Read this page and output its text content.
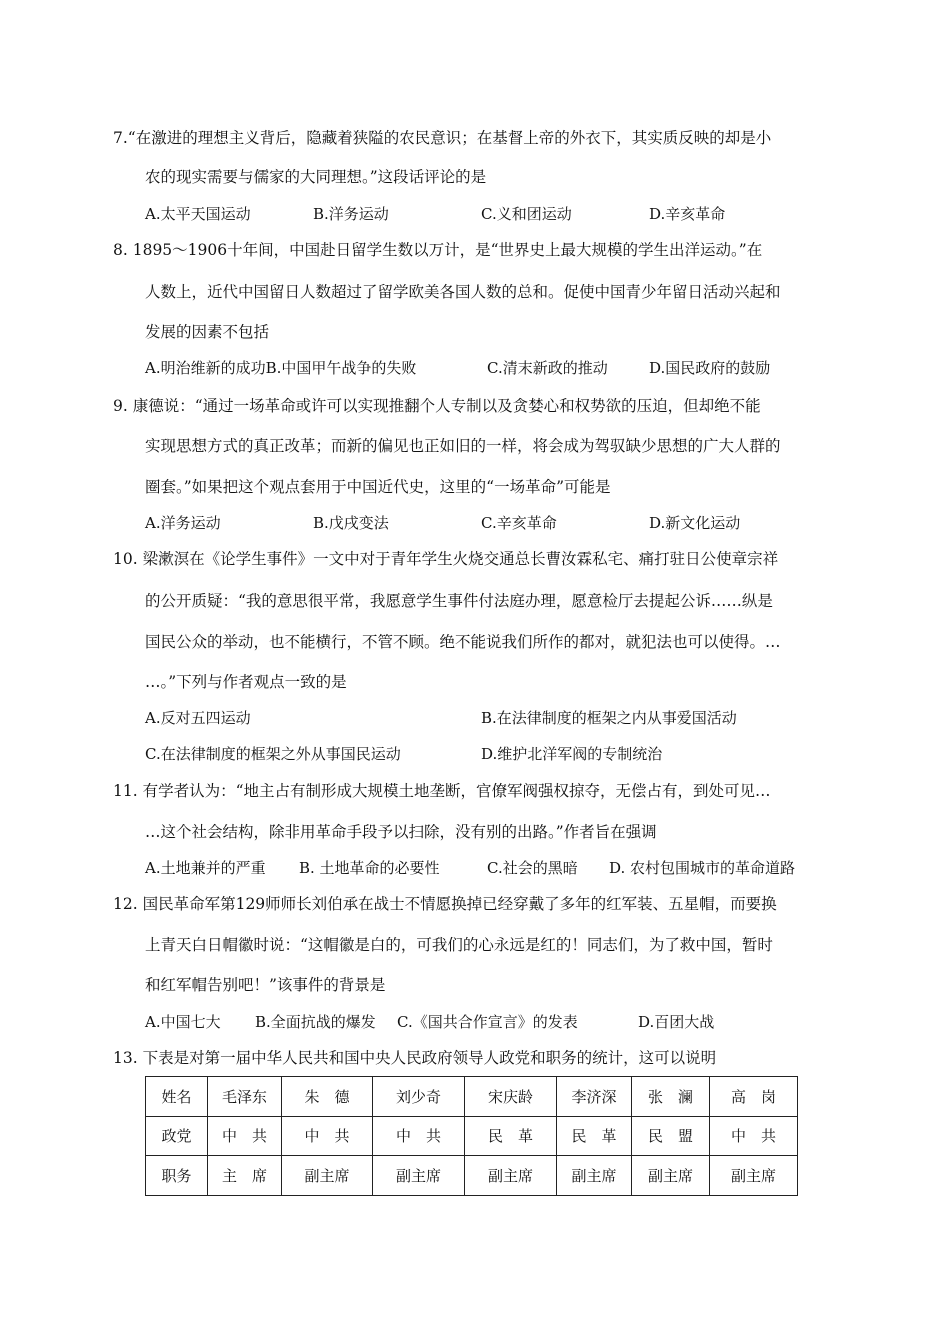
7.“在激进的理想主义背后，隐藏着狭隘的农民意识；在基督上帝的外衣下，其实质反映的却是小
农的现实需要与儒家的大同理想。”这段话评论的是
A.太平天国运动	B.洋务运动	C.义和团运动	D.辛亥革命
8. 1895～1906十年间，中国赴日留学生数以万计，是“世界史上最大规模的学生出洋运动。”在
人数上，近代中国留日人数超过了留学欧美各国人数的总和。促使中国青少年留日活动兴起和
发展的因素不包括
A.明治维新的成功B.中国甲午战争的失败	C.清末新政的推动	D.国民政府的鼓励
9. 康德说：“通过一场革命或许可以实现推翻个人专制以及贪婪心和权势欲的压迫，但却绝不能
实现思想方式的真正改革；而新的偏见也正如旧的一样，将会成为驾驭缺少思想的广大人群的
圈套。”如果把这个观点套用于中国近代史，这里的“一场革命”可能是
A.洋务运动	B.戊戌变法	C.辛亥革命	D.新文化运动
10. 梁漱溟在《论学生事件》一文中对于青年学生火烧交通总长曹汝霖私宅、痛打驻日公使章宗祥
的公开质疑：“我的意思很平常，我愿意学生事件付法庭办理，愿意检厅去提起公诉……纵是
国民公众的举动，也不能横行，不管不顾。绝不能说我们所作的都对，就犯法也可以使得。…
…。”下列与作者观点一致的是
A.反对五四运动	B.在法律制度的框架之内从事爱国活动
C.在法律制度的框架之外从事国民运动	D.维护北洋军阀的专制统治
11. 有学者认为：“地主占有制形成大规模土地垄断，官僚军阀强权掠夺，无偿占有，到处可见…
…这个社会结构，除非用革命手段予以扫除，没有别的出路。”作者旨在强调
A.土地兼并的严重 B. 土地革命的必要性	C.社会的黑暗 D. 农村包围城市的革命道路
12. 国民革命军第129师师长刘伯承在战士不情愿换掉已经穿戴了多年的红军装、五星帽，而要换
上青天白日帽徽时说：“这帽徽是白的，可我们的心永远是红的！同志们，为了救中国，暂时
和红军帽告别吧！”该事件的背景是
A.中国七大 B.全面抗战的爆发 C.《国共合作宣言》的发表	D.百团大战
13. 下表是对第一届中华人民共和国中央人民政府领导人政党和职务的统计，这可以说明
姓名	毛泽东	朱　德	刘少奇	宋庆龄	李济深	张　澜	高　岗
政党	中　共	中　共	中　共	民　革	民　革	民　盟	中　共
职务	主　席	副主席	副主席	副主席	副主席	副主席	副主席
